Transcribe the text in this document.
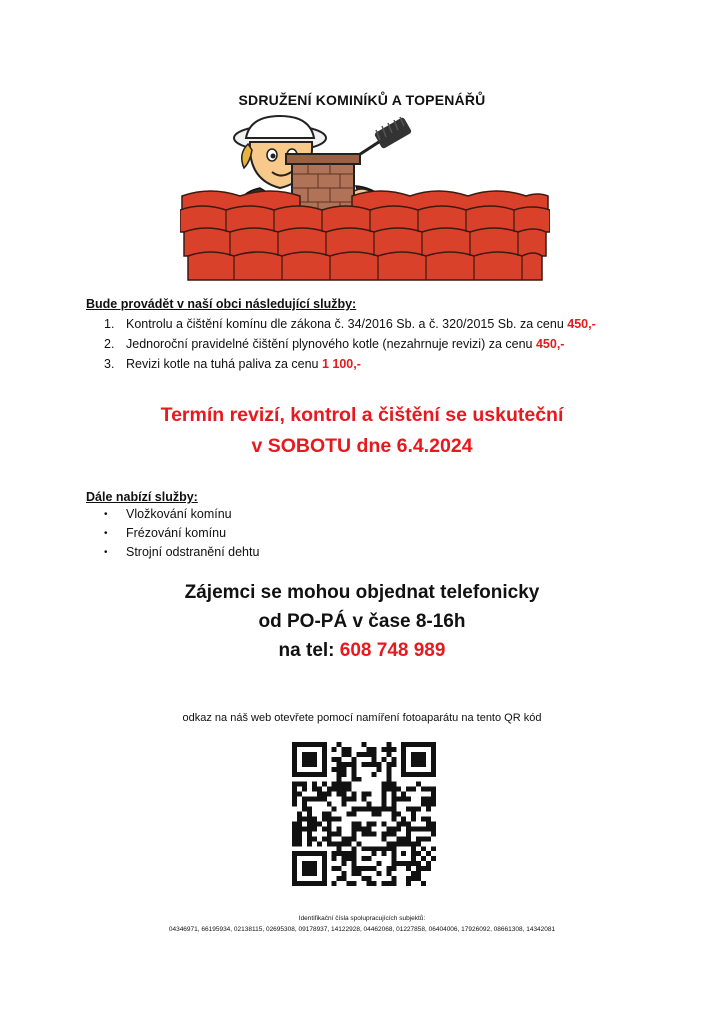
SDRUŽENÍ KOMINÍKŮ A TOPENÁŘŮ
Bude provádět v naší obci následující služby:
1. Kontrolu a čištění komínu dle zákona č. 34/2016 Sb. a č. 320/2015 Sb. za cenu 450,-
2. Jednoroční pravidelné čištění plynového kotle (nezahrnuje revizi) za cenu 450,-
3. Revizi kotle na tuhá paliva za cenu 1 100,-
Termín revizí, kontrol a čištění se uskuteční
v SOBOTU dne 6.4.2024
Dále nabízí služby:
•	Vložkování komínu
•	Frézování komínu
•	Strojní odstranění dehtu
Zájemci se mohou objednat telefonicky
od PO-PÁ v čase 8-16h
na tel: 608 748 989
odkaz na náš web otevřete pomocí namíření fotoaparátu na tento QR kód
Identifikační čísla spolupracujících subjektů:
04346971, 66195934, 02138115, 02695308, 09178937, 14122928, 04462068, 01227858, 06404006, 17926092, 08661308, 14342081
